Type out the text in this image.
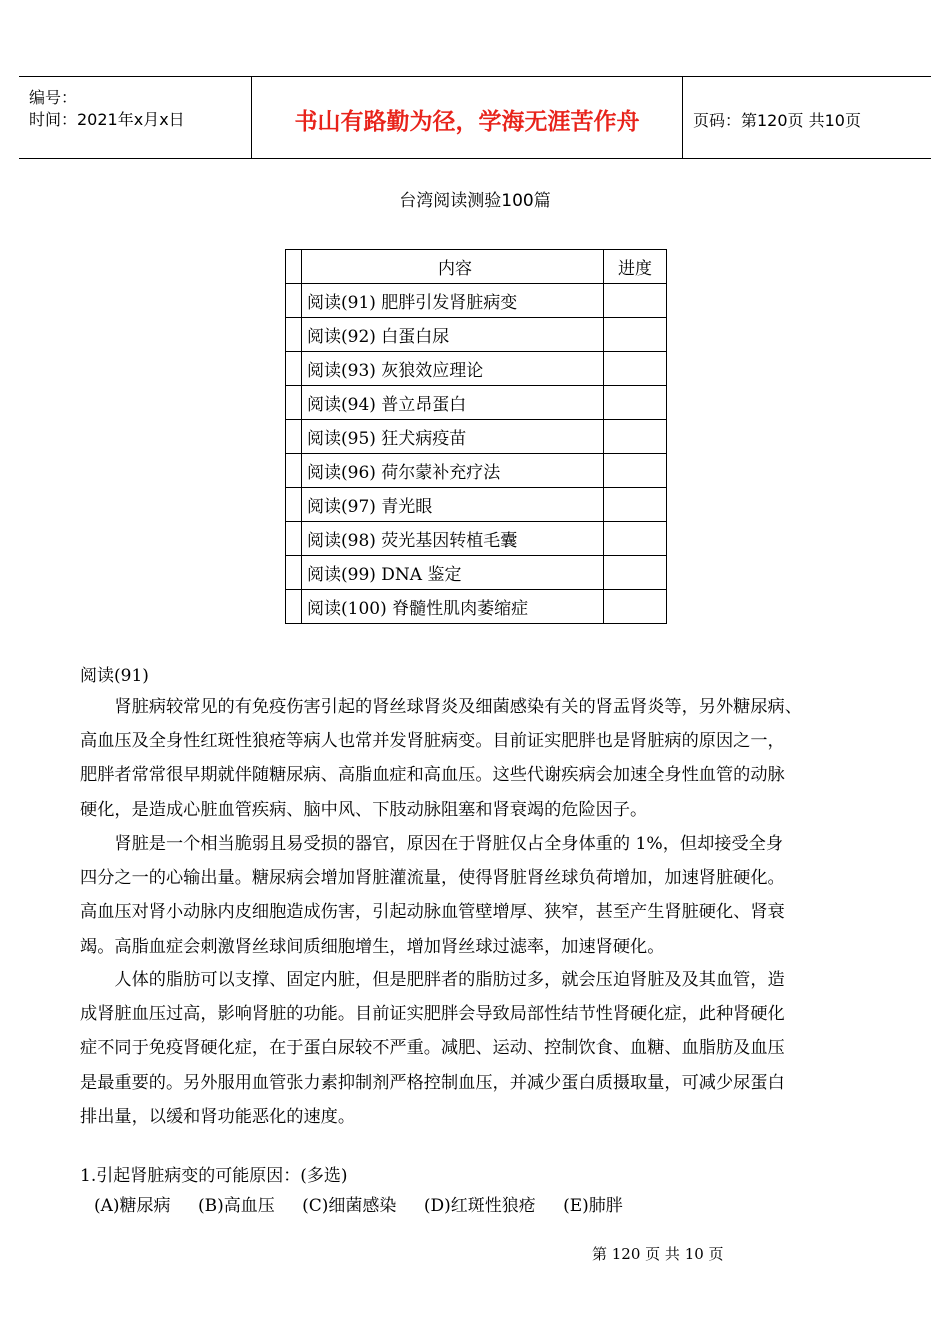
编号：
时间：2021年x月x日	书山有路勤为径，学海无涯苦作舟	页码：第120页 共10页
台湾阅读测验100篇
	内容	进度
	阅读(91) 肥胖引发肾脏病变	
	阅读(92) 白蛋白尿	
	阅读(93) 灰狼效应理论	
	阅读(94) 普立昂蛋白	
	阅读(95) 狂犬病疫苗	
	阅读(96) 荷尔蒙补充疗法	
	阅读(97) 青光眼	
	阅读(98) 荧光基因转植毛囊	
	阅读(99) DNA 鉴定	
	阅读(100) 脊髓性肌肉萎缩症	
阅读(91)
　　肾脏病较常见的有免疫伤害引起的肾丝球肾炎及细菌感染有关的肾盂肾炎等，另外糖尿病、
高血压及全身性红斑性狼疮等病人也常并发肾脏病变。目前证实肥胖也是肾脏病的原因之一，
肥胖者常常很早期就伴随糖尿病、高脂血症和高血压。这些代谢疾病会加速全身性血管的动脉
硬化，是造成心脏血管疾病、脑中风、下肢动脉阻塞和肾衰竭的危险因子。
　　肾脏是一个相当脆弱且易受损的器官，原因在于肾脏仅占全身体重的 1%，但却接受全身
四分之一的心输出量。糖尿病会增加肾脏灌流量，使得肾脏肾丝球负荷增加，加速肾脏硬化。
高血压对肾小动脉内皮细胞造成伤害，引起动脉血管壁增厚、狭窄，甚至产生肾脏硬化、肾衰
竭。高脂血症会刺激肾丝球间质细胞增生，增加肾丝球过滤率，加速肾硬化。
　　人体的脂肪可以支撑、固定内脏，但是肥胖者的脂肪过多，就会压迫肾脏及及其血管，造
成肾脏血压过高，影响肾脏的功能。目前证实肥胖会导致局部性结节性肾硬化症，此种肾硬化
症不同于免疫肾硬化症，在于蛋白尿较不严重。减肥、运动、控制饮食、血糖、血脂肪及血压
是最重要的。另外服用血管张力素抑制剂严格控制血压，并减少蛋白质摄取量，可减少尿蛋白
排出量，以缓和肾功能恶化的速度。
1.引起肾脏病变的可能原因：(多选)
(A)糖尿病 (B)高血压 (C)细菌感染 (D)红斑性狼疮 (E)肺胖
第 120 页 共 10 页
